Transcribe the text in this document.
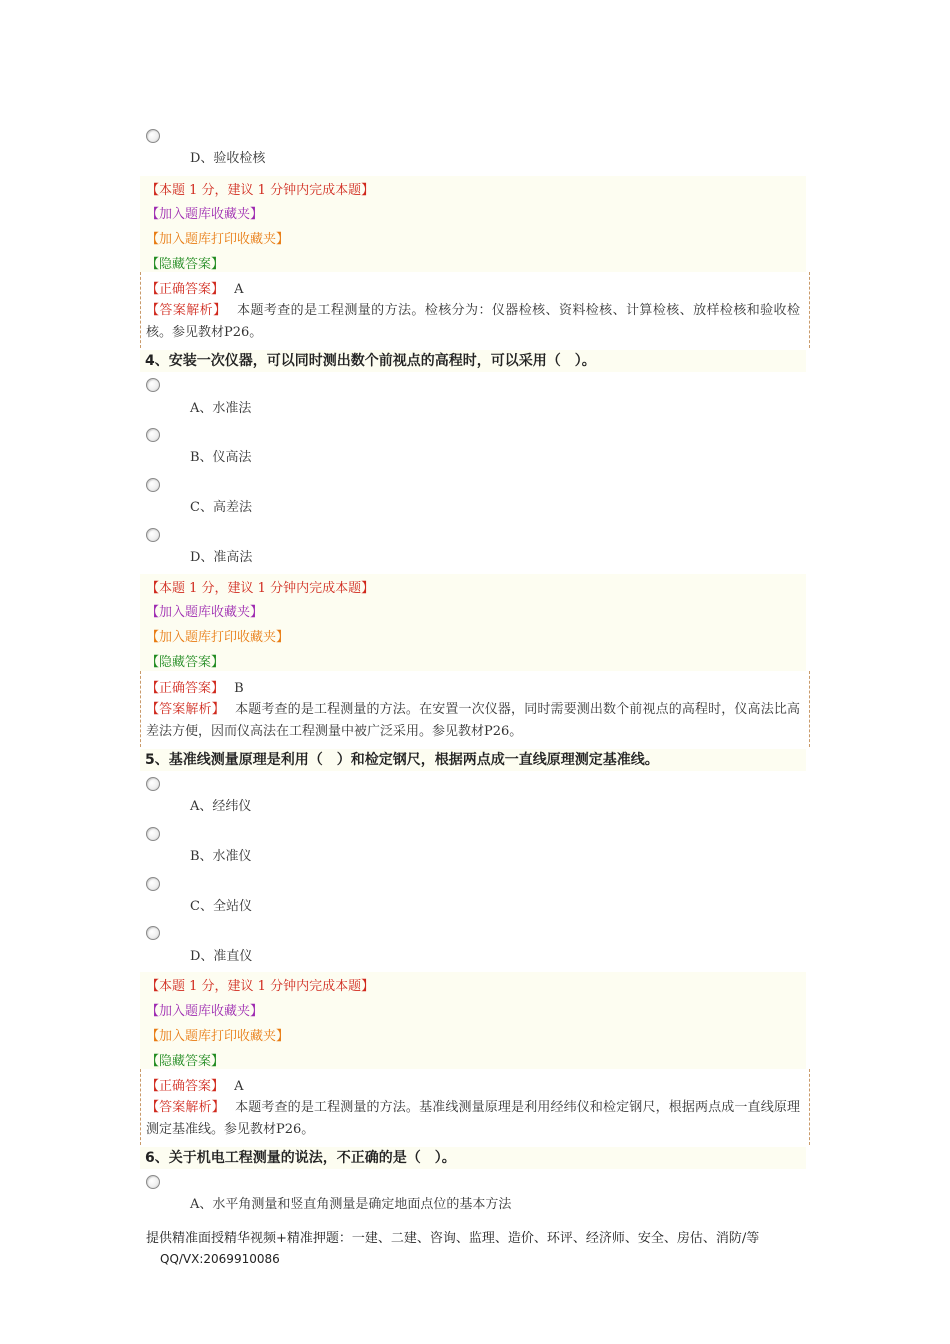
D、验收检核
【本题 1 分，建议 1 分钟内完成本题】
【加入题库收藏夹】
【加入题库打印收藏夹】
【隐藏答案】
【正确答案】 A
【答案解析】 本题考查的是工程测量的方法。检核分为：仪器检核、资料检核、计算检核、放样检核和验收检核。参见教材P26。
4、安装一次仪器，可以同时测出数个前视点的高程时，可以采用（　）。
A、水准法
B、仪高法
C、高差法
D、准高法
【本题 1 分，建议 1 分钟内完成本题】
【加入题库收藏夹】
【加入题库打印收藏夹】
【隐藏答案】
【正确答案】 B
【答案解析】 本题考查的是工程测量的方法。在安置一次仪器，同时需要测出数个前视点的高程时，仪高法比高差法方便，因而仪高法在工程测量中被广泛采用。参见教材P26。
5、基准线测量原理是利用（　）和检定钢尺，根据两点成一直线原理测定基准线。
A、经纬仪
B、水准仪
C、全站仪
D、准直仪
【本题 1 分，建议 1 分钟内完成本题】
【加入题库收藏夹】
【加入题库打印收藏夹】
【隐藏答案】
【正确答案】 A
【答案解析】 本题考查的是工程测量的方法。基准线测量原理是利用经纬仪和检定钢尺，根据两点成一直线原理测定基准线。参见教材P26。
6、关于机电工程测量的说法，不正确的是（　）。
A、水平角测量和竖直角测量是确定地面点位的基本方法
提供精准面授精华视频+精准押题：一建、二建、咨询、监理、造价、环评、经济师、安全、房估、消防/等QQ/VX:2069910086
